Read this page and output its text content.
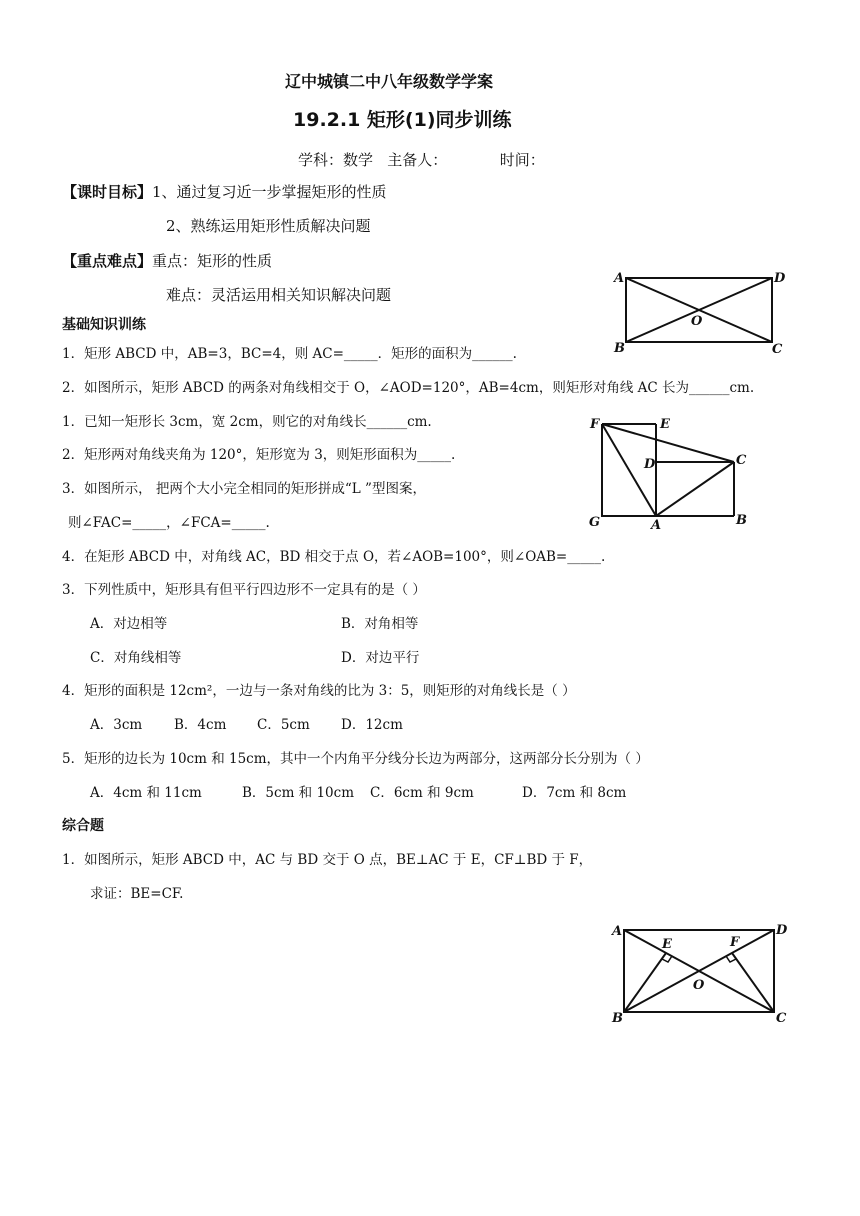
辽中城镇二中八年级数学学案
19.2.1 矩形(1)同步训练
学科：数学   主备人：           时间：
【课时目标】1、通过复习近一步掌握矩形的性质
2、熟练运用矩形性质解决问题
【重点难点】重点：矩形的性质
难点：灵活运用相关知识解决问题
基础知识训练
1．矩形 ABCD 中，AB=3，BC=4，则 AC=_____．矩形的面积为______.
2．如图所示，矩形 ABCD 的两条对角线相交于 O，∠AOD=120°，AB=4cm，则矩形对角线 AC 长为______cm.
1．已知一矩形长 3cm，宽 2cm，则它的对角线长______cm.
2．矩形两对角线夹角为 120°，矩形宽为 3，则矩形面积为_____.
3．如图所示， 把两个大小完全相同的矩形拼成“L ”型图案，
则∠FAC=_____，∠FCA=_____.
4．在矩形 ABCD 中，对角线 AC，BD 相交于点 O，若∠AOB=100°，则∠OAB=_____.
3．下列性质中，矩形具有但平行四边形不一定具有的是（ ）
A．对边相等	B．对角相等
C．对角线相等	D．对边平行
4．矩形的面积是 12cm²，一边与一条对角线的比为 3：5，则矩形的对角线长是（ ）
A．3cm B．4cm C．5cm D．12cm
5．矩形的边长为 10cm 和 15cm，其中一个内角平分线分长边为两部分，这两部分长分别为（ ）
A．4cm 和 11cm	B．5cm 和 10cm C．6cm 和 9cm	D．7cm 和 8cm
综合题
1．如图所示，矩形 ABCD 中，AC 与 BD 交于 O 点，BE⊥AC 于 E，CF⊥BD 于 F，
求证：BE=CF.
A	D
B	C
O
F	E
D	C
G	A	B
A	D
B	C
E	F
O
